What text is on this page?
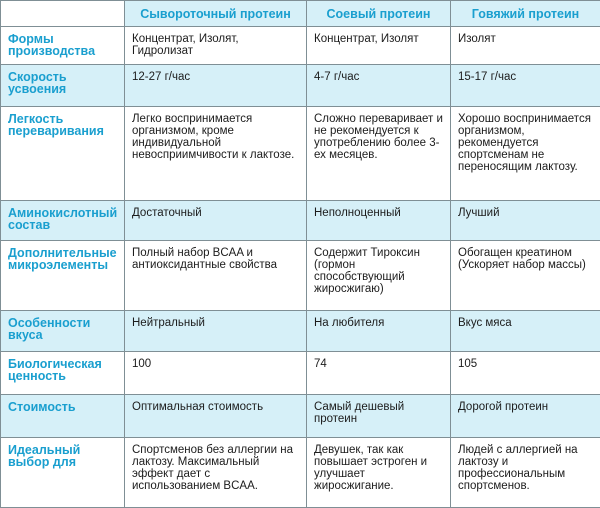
	Сывороточный протеин	Соевый протеин	Говяжий протеин
Формы производства	Концентрат, Изолят, Гидролизат	Концентрат, Изолят	Изолят
Скорость усвоения	12-27 г/час	4-7 г/час	15-17 г/час
Легкость переваривания	Легко воспринимается организмом, кроме индивидуальной невосприимчивости к лактозе.	Сложно переваривает и не рекомендуется к употреблению более 3-ех месяцев.	Хорошо воспринимается организмом, рекомендуется спортсменам не переносящим лактозу.
Аминокислотный состав	Достаточный	Неполноценный	Лучший
Дополнительные микроэлементы	Полный набор BCAA и антиоксидантные свойства	Содержит Тироксин (гормон способствующий жиросжигаю)	Обогащен креатином (Ускоряет набор массы)
Особенности вкуса	Нейтральный	На любителя	Вкус мяса
Биологическая ценность	100	74	105
Стоимость	Оптимальная стоимость	Самый дешевый протеин	Дорогой протеин
Идеальный выбор для	Спортсменов без аллергии на лактозу. Максимальный эффект дает с использованием BCAA.	Девушек, так как повышает эстроген и улучшает жиросжигание.	Людей с аллергией на лактозу и профессиональным спортсменов.
